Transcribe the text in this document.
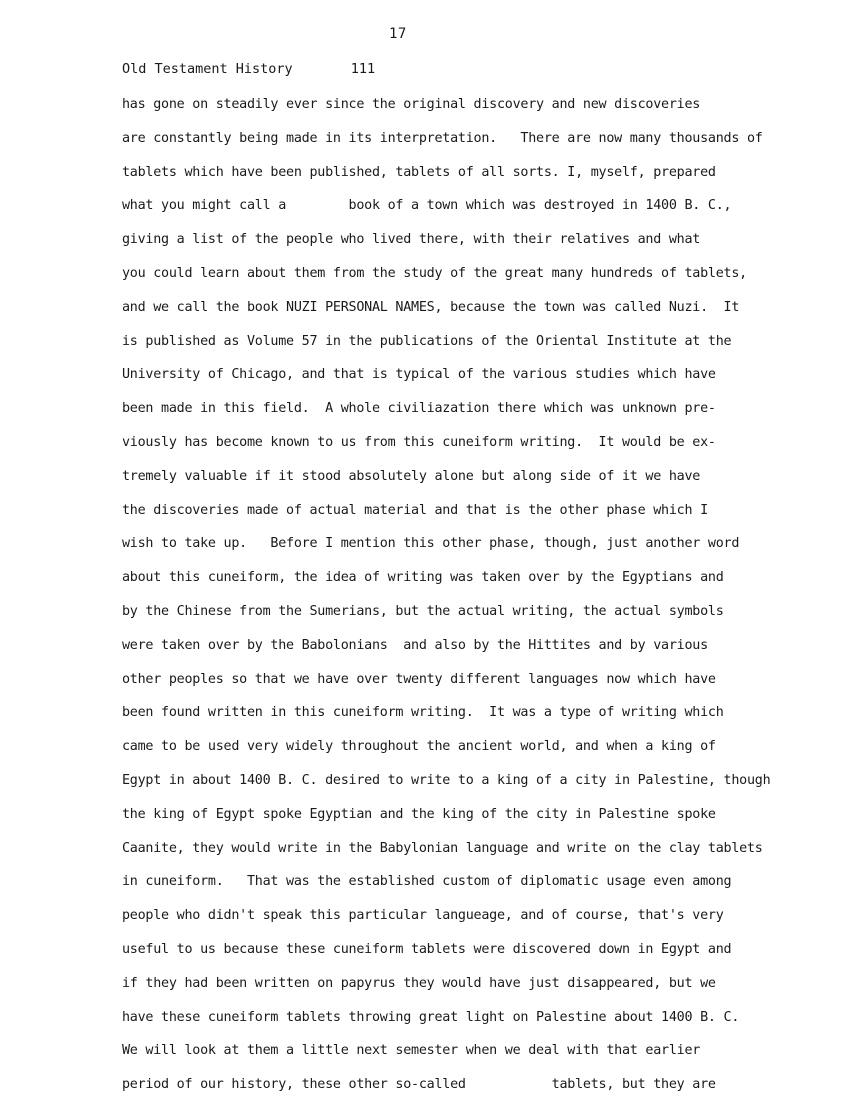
17
Old Testament History	111
has gone on steadily ever since the original discovery and new discoveries
are constantly being made in its interpretation.   There are now many thousands of
tablets which have been published, tablets of all sorts. I, myself, prepared
what you might call a        book of a town which was destroyed in 1400 B. C.,
giving a list of the people who lived there, with their relatives and what
you could learn about them from the study of the great many hundreds of tablets,
and we call the book NUZI PERSONAL NAMES, because the town was called Nuzi.  It
is published as Volume 57 in the publications of the Oriental Institute at the
University of Chicago, and that is typical of the various studies which have
been made in this field.  A whole civiliazation there which was unknown pre-
viously has become known to us from this cuneiform writing.  It would be ex-
tremely valuable if it stood absolutely alone but along side of it we have
the discoveries made of actual material and that is the other phase which I
wish to take up.   Before I mention this other phase, though, just another word
about this cuneiform, the idea of writing was taken over by the Egyptians and
by the Chinese from the Sumerians, but the actual writing, the actual symbols
were taken over by the Babolonians  and also by the Hittites and by various
other peoples so that we have over twenty different languages now which have
been found written in this cuneiform writing.  It was a type of writing which
came to be used very widely throughout the ancient world, and when a king of
Egypt in about 1400 B. C. desired to write to a king of a city in Palestine, though
the king of Egypt spoke Egyptian and the king of the city in Palestine spoke
Caanite, they would write in the Babylonian language and write on the clay tablets
in cuneiform.   That was the established custom of diplomatic usage even among
people who didn't speak this particular langueage, and of course, that's very
useful to us because these cuneiform tablets were discovered down in Egypt and
if they had been written on papyrus they would have just disappeared, but we
have these cuneiform tablets throwing great light on Palestine about 1400 B. C.
We will look at them a little next semester when we deal with that earlier
period of our history, these other so-called           tablets, but they are
